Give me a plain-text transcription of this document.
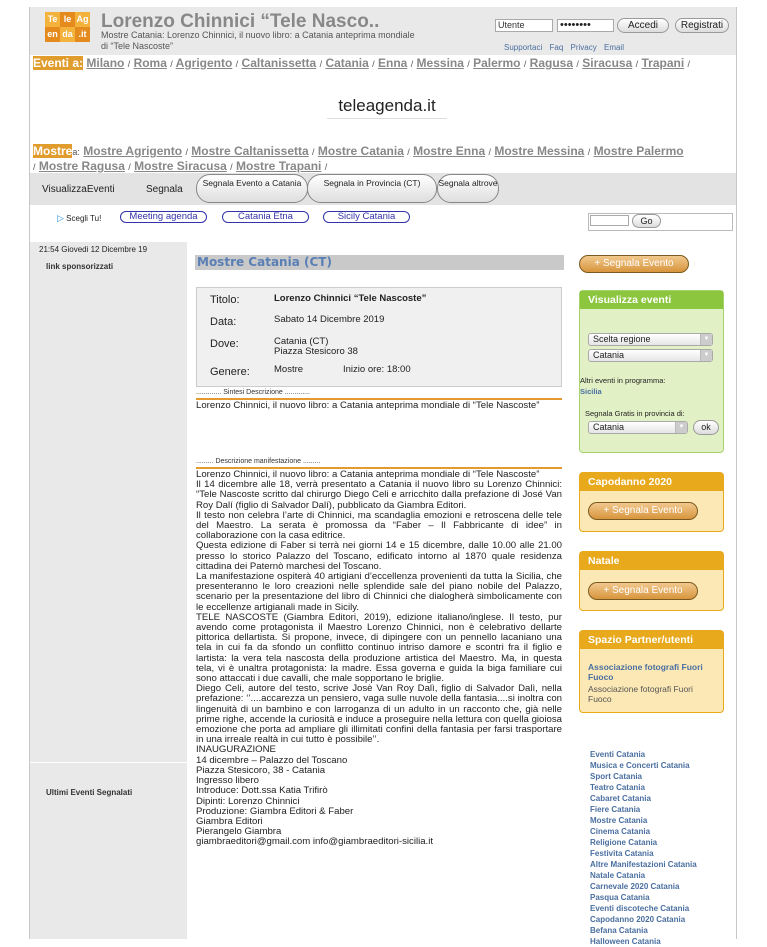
Te le Ag
en da .it
Lorenzo Chinnici “Tele Nasco..
Mostre Catania: Lorenzo Chinnici, il nuovo libro: a Catania anteprima mondiale di “Tele Nascoste”
Utente	••••••••	Accedi	Registrati
Supportaci Faq Privacy Email
Eventi a: Milano / Roma / Agrigento / Caltanissetta / Catania / Enna / Messina / Palermo / Ragusa / Siracusa / Trapani /
teleagenda.it
Mostrea: Mostre Agrigento / Mostre Caltanissetta / Mostre Catania / Mostre Enna / Mostre Messina / Mostre Palermo
/ Mostre Ragusa / Mostre Siracusa / Mostre Trapani /
VisualizzaEventi	Segnala
Segnala Evento a Catania	Segnala in Provincia (CT)	Segnala altrove
▷ Scegli Tu!	Meeting agenda	Catania Etna	Sicily Catania	Go
21:54 Giovedi 12 Dicembre 19
link sponsorizzati
Ultimi Eventi Segnalati
Mostre Catania (CT)
Titolo:	Lorenzo Chinnici “Tele Nascoste”
Data:	Sabato 14 Dicembre 2019
Dove:	Catania (CT)
Piazza Stesicoro 38
Genere:	Mostre	Inizio ore: 18:00
............. Sintesi Descrizione .............
Lorenzo Chinnici, il nuovo libro: a Catania anteprima mondiale di “Tele Nascoste”
......... Descrizione manifestazione .........
Lorenzo Chinnici, il nuovo libro: a Catania anteprima mondiale di “Tele Nascoste”
Il 14 dicembre alle 18, verrà presentato a Catania il nuovo libro su Lorenzo Chinnici: “Tele Nascoste scritto dal chirurgo Diego Celi e arricchito dalla prefazione di José Van Roy Dalí (figlio di Salvador Dalí), pubblicato da Giambra Editori.
Il testo non celebra l’arte di Chinnici, ma scandaglia emozioni e retroscena delle tele del Maestro. La serata è promossa da “Faber – Il Fabbricante di idee” in collaborazione con la casa editrice.
Questa edizione di Faber si terrà nei giorni 14 e 15 dicembre, dalle 10.00 alle 21.00 presso lo storico Palazzo del Toscano, edificato intorno al 1870 quale residenza cittadina dei Paternò marchesi del Toscano.
La manifestazione ospiterà 40 artigiani d’eccellenza provenienti da tutta la Sicilia, che presenteranno le loro creazioni nelle splendide sale del piano nobile del Palazzo, scenario per la presentazione del libro di Chinnici che dialogherà simbolicamente con le eccellenze artigianali made in Sicily.
TELE NASCOSTE (Giambra Editori, 2019), edizione italiano/inglese. Il testo, pur avendo come protagonista il Maestro Lorenzo Chinnici, non è celebrativo dellarte pittorica dellartista. Si propone, invece, di dipingere con un pennello lacaniano una tela in cui fa da sfondo un conflitto continuo intriso damore e scontri fra il figlio e lartista: la vera tela nascosta della produzione artistica del Maestro. Ma, in questa tela, vi è unaltra protagonista: la madre. Essa governa e guida la biga familiare cui sono attaccati i due cavalli, che male sopportano le briglie.
Diego Celi, autore del testo, scrive Josè Van Roy Dalì, figlio di Salvador Dalì, nella prefazione: ‘’....accarezza un pensiero, vaga sulle nuvole della fantasia....si inoltra con lingenuità di un bambino e con larroganza di un adulto in un racconto che, già nelle prime righe, accende la curiosità e induce a proseguire nella lettura con quella gioiosa emozione che porta ad ampliare gli illimitati confini della fantasia per farsi trasportare in una irreale realtà in cui tutto è possibile’’.
INAUGURAZIONE
14 dicembre – Palazzo del Toscano
Piazza Stesicoro, 38 - Catania
Ingresso libero
Introduce: Dott.ssa Katia Trifirò
Dipinti: Lorenzo Chinnici
Produzione: Giambra Editori & Faber
Giambra Editori
Pierangelo Giambra
giambraeditori@gmail.com info@giambraeditori-sicilia.it
+ Segnala Evento
Visualizza eventi
Scelta regione	▼
Catania	▼
Altri eventi in programma:
Sicilia
Segnala Gratis in provincia di:
Catania	▼	ok
Capodanno 2020
+ Segnala Evento
Natale
+ Segnala Evento
Spazio Partner/utenti
Associazione fotografi Fuori Fuoco
Associazione fotografi Fuori Fuoco
Eventi Catania
Musica e Concerti Catania
Sport Catania
Teatro Catania
Cabaret Catania
Fiere Catania
Mostre Catania
Cinema Catania
Religione Catania
Festivita Catania
Altre Manifestazioni Catania
Natale Catania
Carnevale 2020 Catania
Pasqua Catania
Eventi discoteche Catania
Capodanno 2020 Catania
Befana Catania
Halloween Catania
